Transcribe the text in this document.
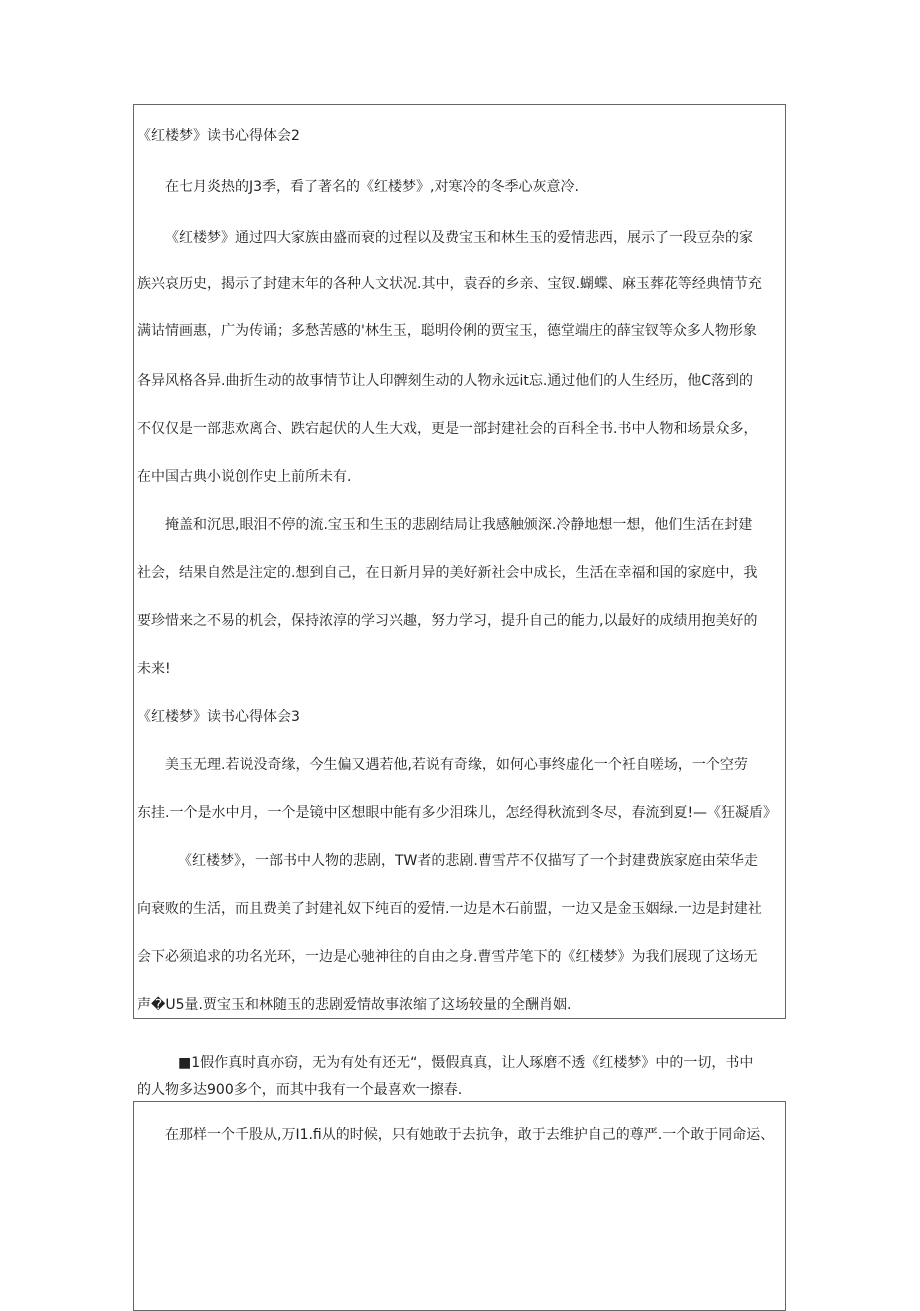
《红楼梦》读书心得体会2
在七月炎热的J3季，看了著名的《红楼梦》,对寒冷的冬季心灰意冷.
《红楼梦》通过四大家族由盛而衰的过程以及费宝玉和林生玉的爱情悲西，展示了一段豆杂的家
族兴哀历史，揭示了封建末年的各种人文状况.其中，袁吞的乡亲、宝钗.蝴蝶、麻玉葬花等经典情节充
满诂情画惠，广为传诵；多愁苦感的'林生玉，聪明伶俐的贾宝玉，德堂端庄的薛宝钗等众多人物形象
各异风格各异.曲折生动的故事情节让人印髀刻生动的人物永远it忘.通过他们的人生经历，他C落到的
不仅仅是一部悲欢离合、跌宕起伏的人生大戏，更是一部封建社会的百科全书.书中人物和场景众多，
在中国古典小说创作史上前所未有.
掩盖和沉思,眼泪不停的流.宝玉和生玉的悲剧结局让我感触颁深.冷静地想一想，他们生活在封建
社会，结果自然是注定的.想到自己，在日新月异的美好新社会中成长，生活在幸福和国的家庭中，我
要珍惜来之不易的机会，保持浓淳的学习兴趣，努力学习，提升自己的能力,以最好的成绩用抱美好的
未来!
《红楼梦》读书心得体会3
美玉无理.若说没奇缘，今生偏又遇若他,若说有奇缘，如何心事终虚化一个衽自嗟场，一个空劳
东挂.一个是水中月，一个是镜中区想眼中能有多少泪珠儿，怎经得秋流到冬尽，春流到夏!—《狂凝盾》
《红楼梦》，一部书中人物的悲剧，TW者的悲剧.曹雪芹不仅描写了一个封建费族家庭由荣华走
向衰败的生活，而且费美了封建礼奴下纯百的爱情.一边是木石前盟，一边又是金玉姻绿.一边是封建社
会下必须追求的功名光环，一边是心驰神往的自由之身.曹雪芹笔下的《红楼梦》为我们展现了这场无
声�U5量.贾宝玉和林随玉的悲剧爱情故事浓缩了这场较量的全酬肖姻.
■1假作真时真亦窃，无为有处有还无“，慑假真真，让人琢磨不透《红楼梦》中的一切，书中
的人物多达900多个，而其中我有一个最喜欢一擦春.
在那样一个千股从,万I1.fi从的时候，只有她敢于去抗争，敢于去维护自己的尊严.一个敢于同命运、
